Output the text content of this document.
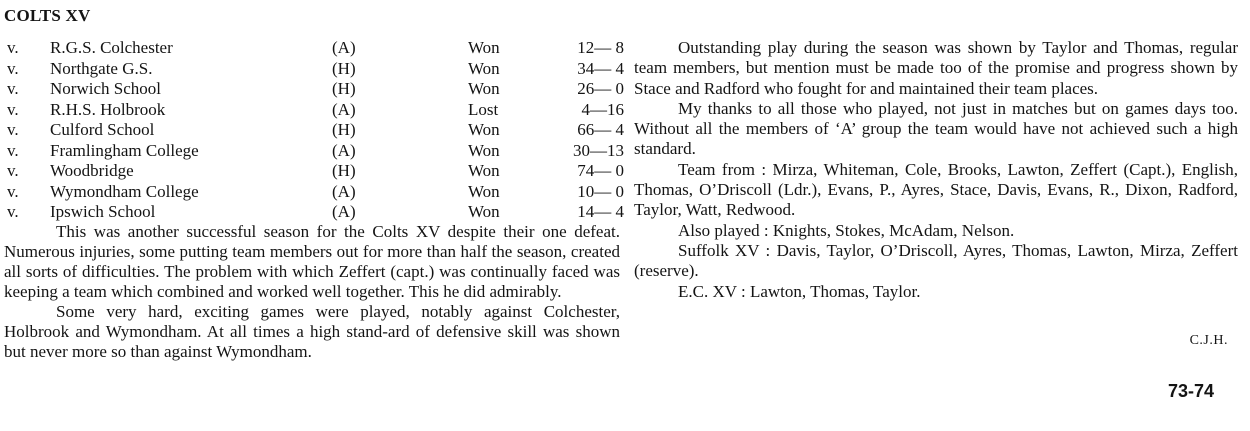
COLTS XV
v. R.G.S. Colchester	(A)	Won	12— 8
v. Northgate G.S.	(H)	Won	34— 4
v. Norwich School	(H)	Won	26— 0
v. R.H.S. Holbrook	(A)	Lost	4—16
v. Culford School	(H)	Won	66— 4
v. Framlingham College	(A)	Won	30—13
v. Woodbridge	(H)	Won	74— 0
v. Wymondham College	(A)	Won	10— 0
v. Ipswich School	(A)	Won	14— 4

This was another successful season for the Colts XV despite their one defeat. Numerous injuries, some putting team members out for more than half the season, created all sorts of difficulties. The problem with which Zeffert (capt.) was continually faced was keeping a team which combined and worked well together. This he did admirably.

Some very hard, exciting games were played, notably against Colchester, Holbrook and Wymondham. At all times a high stand-ard of defensive skill was shown but never more so than against Wymondham.

Outstanding play during the season was shown by Taylor and Thomas, regular team members, but mention must be made too of the promise and progress shown by Stace and Radford who fought for and maintained their team places.

My thanks to all those who played, not just in matches but on games days too. Without all the members of ‘A’ group the team would have not achieved such a high standard.

Team from : Mirza, Whiteman, Cole, Brooks, Lawton, Zeffert (Capt.), English, Thomas, O’Driscoll (Ldr.), Evans, P., Ayres, Stace, Davis, Evans, R., Dixon, Radford, Taylor, Watt, Redwood.

Also played : Knights, Stokes, McAdam, Nelson.

Suffolk XV : Davis, Taylor, O’Driscoll, Ayres, Thomas, Lawton, Mirza, Zeffert (reserve).

E.C. XV : Lawton, Thomas, Taylor.

C.J.H.
73-74
